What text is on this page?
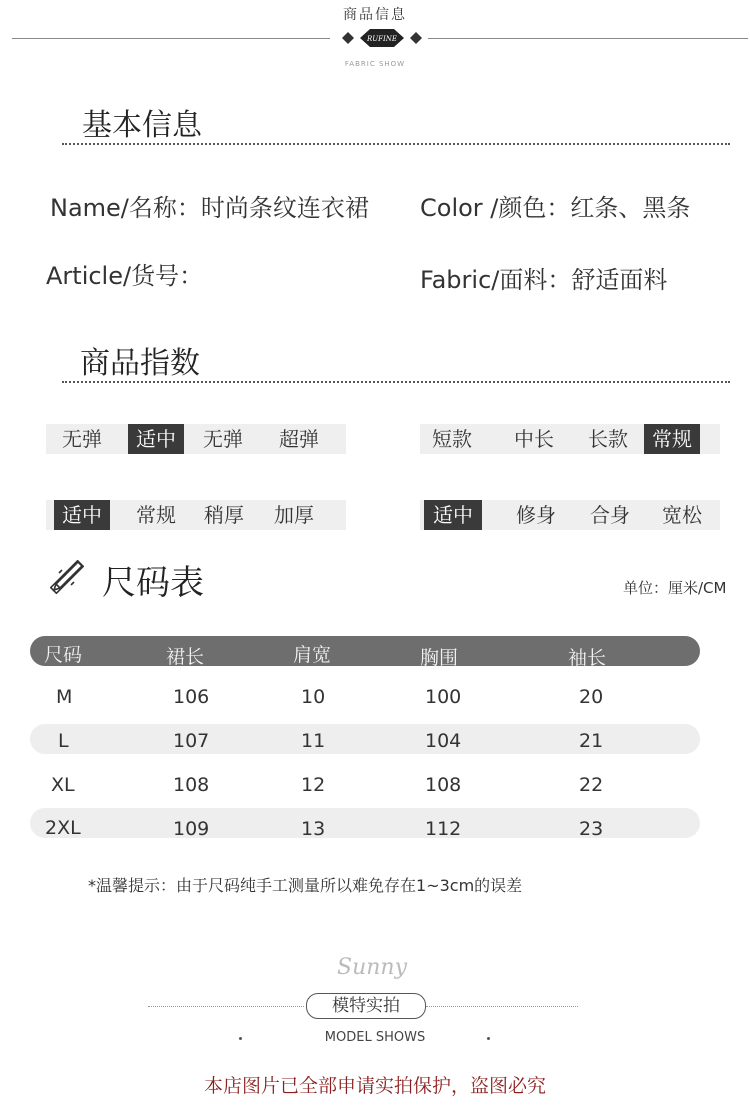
商品信息
RUFINE
FABRIC SHOW
基本信息
Name/名称：时尚条纹连衣裙 Color /颜色：红条、黑条
Article/货号：	Fabric/面料：舒适面料
商品指数
无弹	适中	无弹	超弹	短款	中长	长款	常规
适中	常规	稍厚	加厚	适中	修身	合身	宽松
尺码表	单位：厘米/CM
尺码	裙长	肩宽	胸围	袖长
M	106	10	100	20
L	107	11	104	21
XL	108	12	108	22
2XL	109	13	112	23
*温馨提示：由于尺码纯手工测量所以难免存在1~3cm的误差
Sunny
模特实拍
MODEL SHOWS
本店图片已全部申请实拍保护，盗图必究
